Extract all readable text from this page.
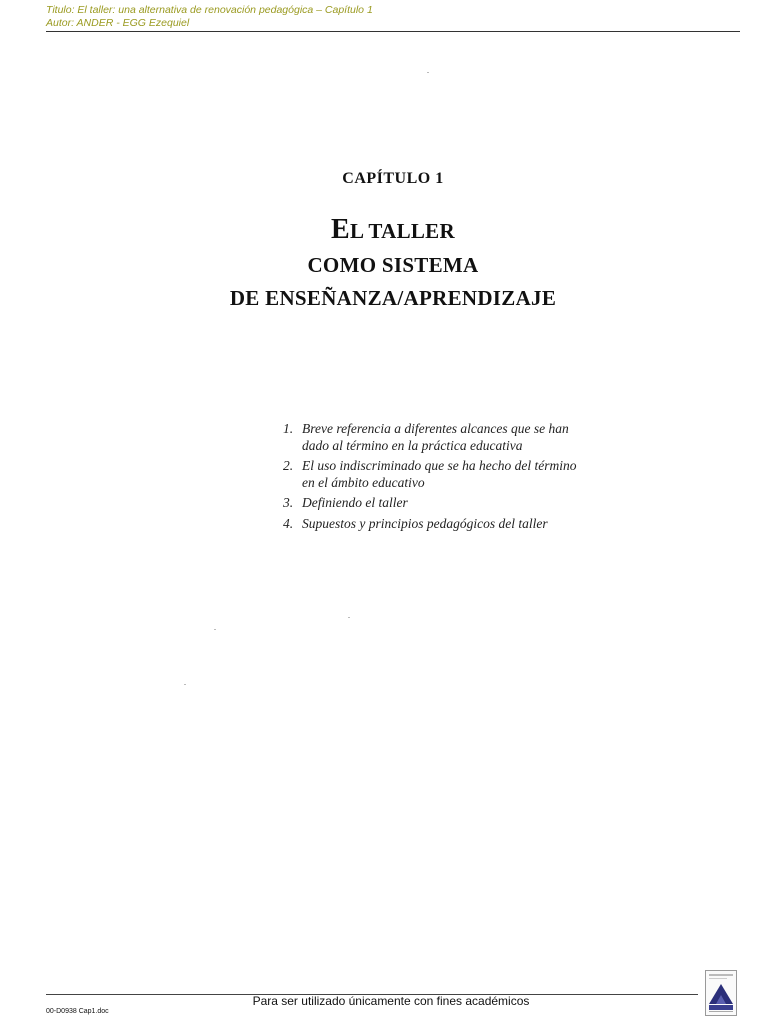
Titulo: El taller: una alternativa de renovación pedagógica – Capítulo 1
Autor: ANDER - EGG Ezequiel
CAPÍTULO 1
EL TALLER
COMO SISTEMA
DE ENSEÑANZA/APRENDIZAJE
1. Breve referencia a diferentes alcances que se han dado al término en la práctica educativa
2. El uso indiscriminado que se ha hecho del término en el ámbito educativo
3. Definiendo el taller
4. Supuestos y principios pedagógicos del taller
Para ser utilizado únicamente con fines académicos
00-D0938 Cap1.doc
